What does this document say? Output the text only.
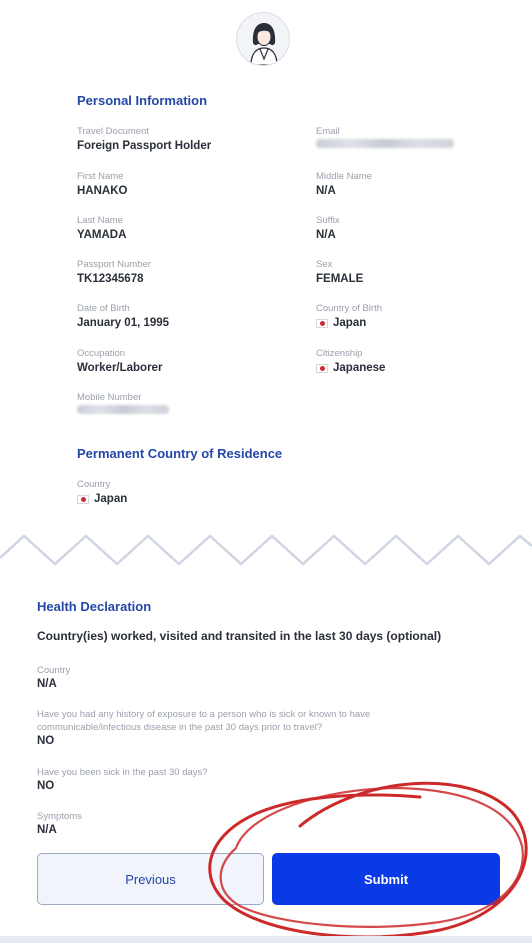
Personal Information
Travel Document
Foreign Passport Holder
Email
First Name
HANAKO
Middle Name
N/A
Last Name
YAMADA
Suffix
N/A
Passport Number
TK12345678
Sex
FEMALE
Date of Birth
January 01, 1995
Country of Birth
Japan
Occupation
Worker/Laborer
Citizenship
Japanese
Mobile Number
Permanent Country of Residence
Country
Japan
Health Declaration
Country(ies) worked, visited and transited in the last 30 days (optional)
Country
N/A
Have you had any history of exposure to a person who is sick or known to have communicable/infectious disease in the past 30 days prior to travel?
NO
Have you been sick in the past 30 days?
NO
Symptoms
N/A
Previous	Submit
